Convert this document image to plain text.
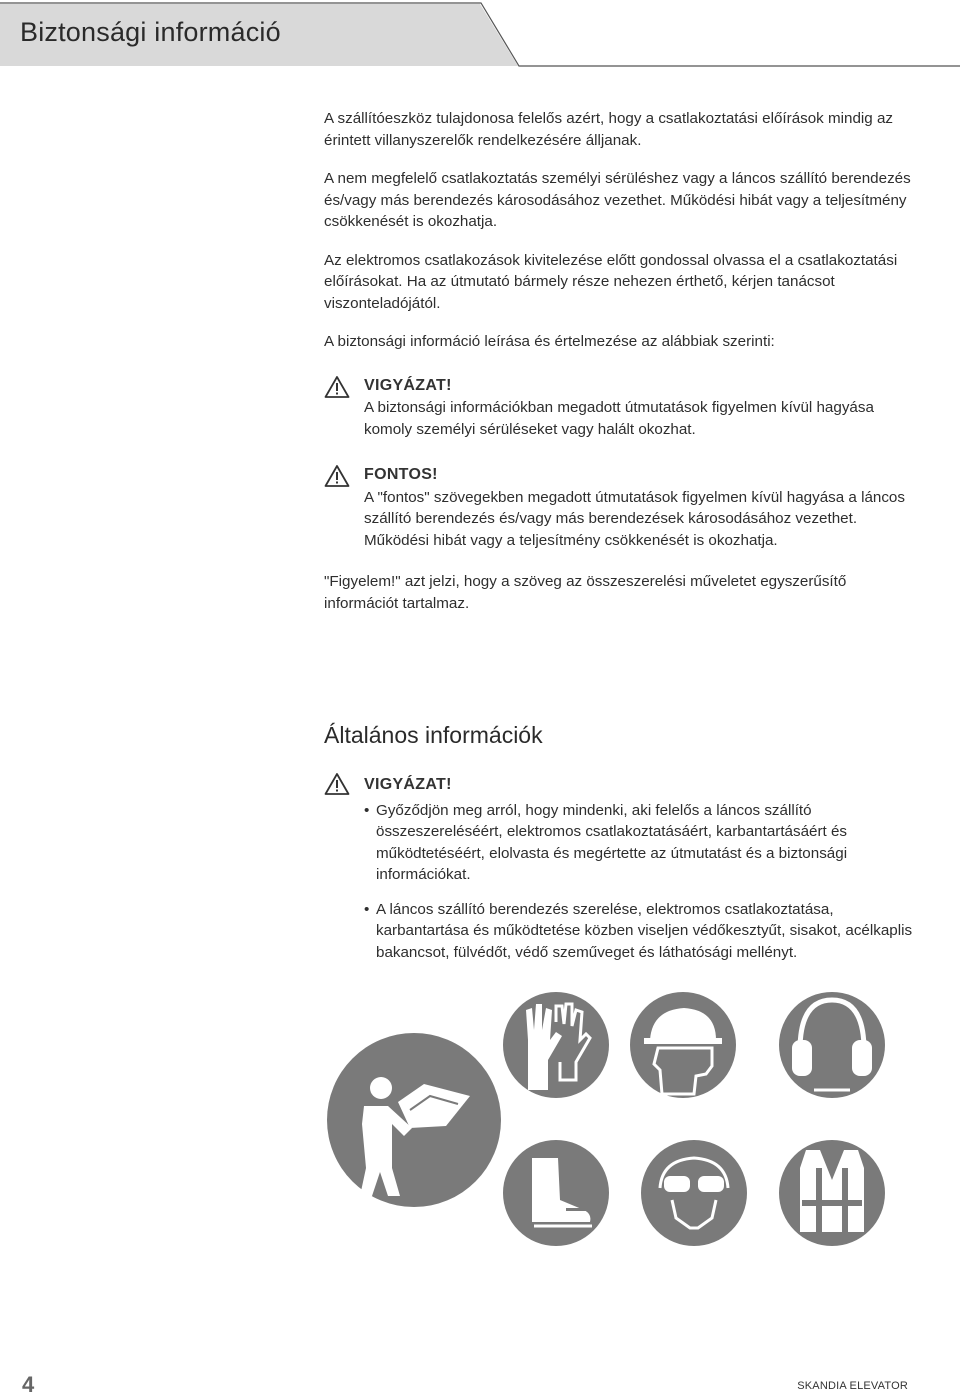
Biztonsági információ

A szállítóeszköz tulajdonosa felelős azért, hogy a csatlakoztatási előírások mindig az érintett villanyszerelők rendelkezésére álljanak.

A nem megfelelő csatlakoztatás személyi sérüléshez vagy a láncos szállító berendezés és/vagy más berendezés károsodásához vezethet. Működési hibát vagy a teljesítmény csökkenését is okozhatja.

Az elektromos csatlakozások kivitelezése előtt gondossal olvassa el a csatlakoztatási előírásokat. Ha az útmutató bármely része nehezen érthető, kérjen tanácsot viszonteladójától.

A biztonsági információ leírása és értelmezése az alábbiak szerinti:

VIGYÁZAT!
A biztonsági információkban megadott útmutatások figyelmen kívül hagyása komoly személyi sérüléseket vagy halált okozhat.
FONTOS!
A "fontos" szövegekben megadott útmutatások figyelmen kívül hagyása a láncos szállító berendezés és/vagy más berendezések károsodásához vezethet. Működési hibát vagy a teljesítmény csökkenését is okozhatja.

"Figyelem!" azt jelzi, hogy a szöveg az összeszerelési műveletet egyszerűsítő információt tartalmaz.

Általános információk
VIGYÁZAT!
• Győződjön meg arról, hogy mindenki, aki felelős a láncos szállító összeszereléséért, elektromos csatlakoztatásáért, karbantartásáért és működtetéséért, elolvasta és megértette az útmutatást és a biztonsági információkat.
• A láncos szállító berendezés szerelése, elektromos csatlakoztatása, karbantartása és működtetése közben viseljen védőkesztyűt, sisakot, acélkaplis bakancsot, fülvédőt, védő szeműveget és láthatósági mellényt.
4	SKANDIA ELEVATOR
